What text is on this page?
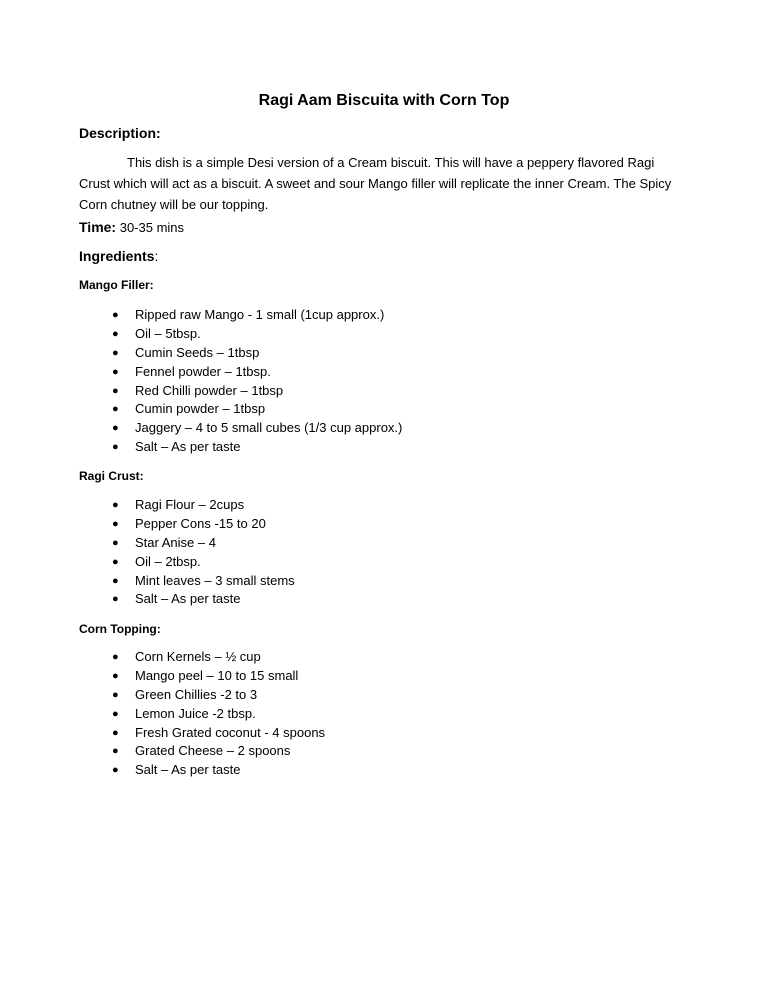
Ragi Aam Biscuita with Corn Top
Description:
This dish is a simple Desi version of a Cream biscuit. This will have a peppery flavored Ragi Crust which will act as a biscuit. A sweet and sour Mango filler will replicate the inner Cream. The Spicy Corn chutney will be our topping.
Time: 30-35 mins
Ingredients:
Mango Filler:
● Ripped raw Mango - 1 small (1cup approx.)
● Oil – 5tbsp.
● Cumin Seeds – 1tbsp
● Fennel powder – 1tbsp.
● Red Chilli powder – 1tbsp
● Cumin powder – 1tbsp
● Jaggery – 4 to 5 small cubes (1/3 cup approx.)
● Salt – As per taste
Ragi Crust:
● Ragi Flour – 2cups
● Pepper Cons -15 to 20
● Star Anise – 4
● Oil – 2tbsp.
● Mint leaves – 3 small stems
● Salt – As per taste
Corn Topping:
● Corn Kernels – ½ cup
● Mango peel – 10 to 15 small
● Green Chillies -2 to 3
● Lemon Juice -2 tbsp.
● Fresh Grated coconut - 4 spoons
● Grated Cheese – 2 spoons
● Salt – As per taste
